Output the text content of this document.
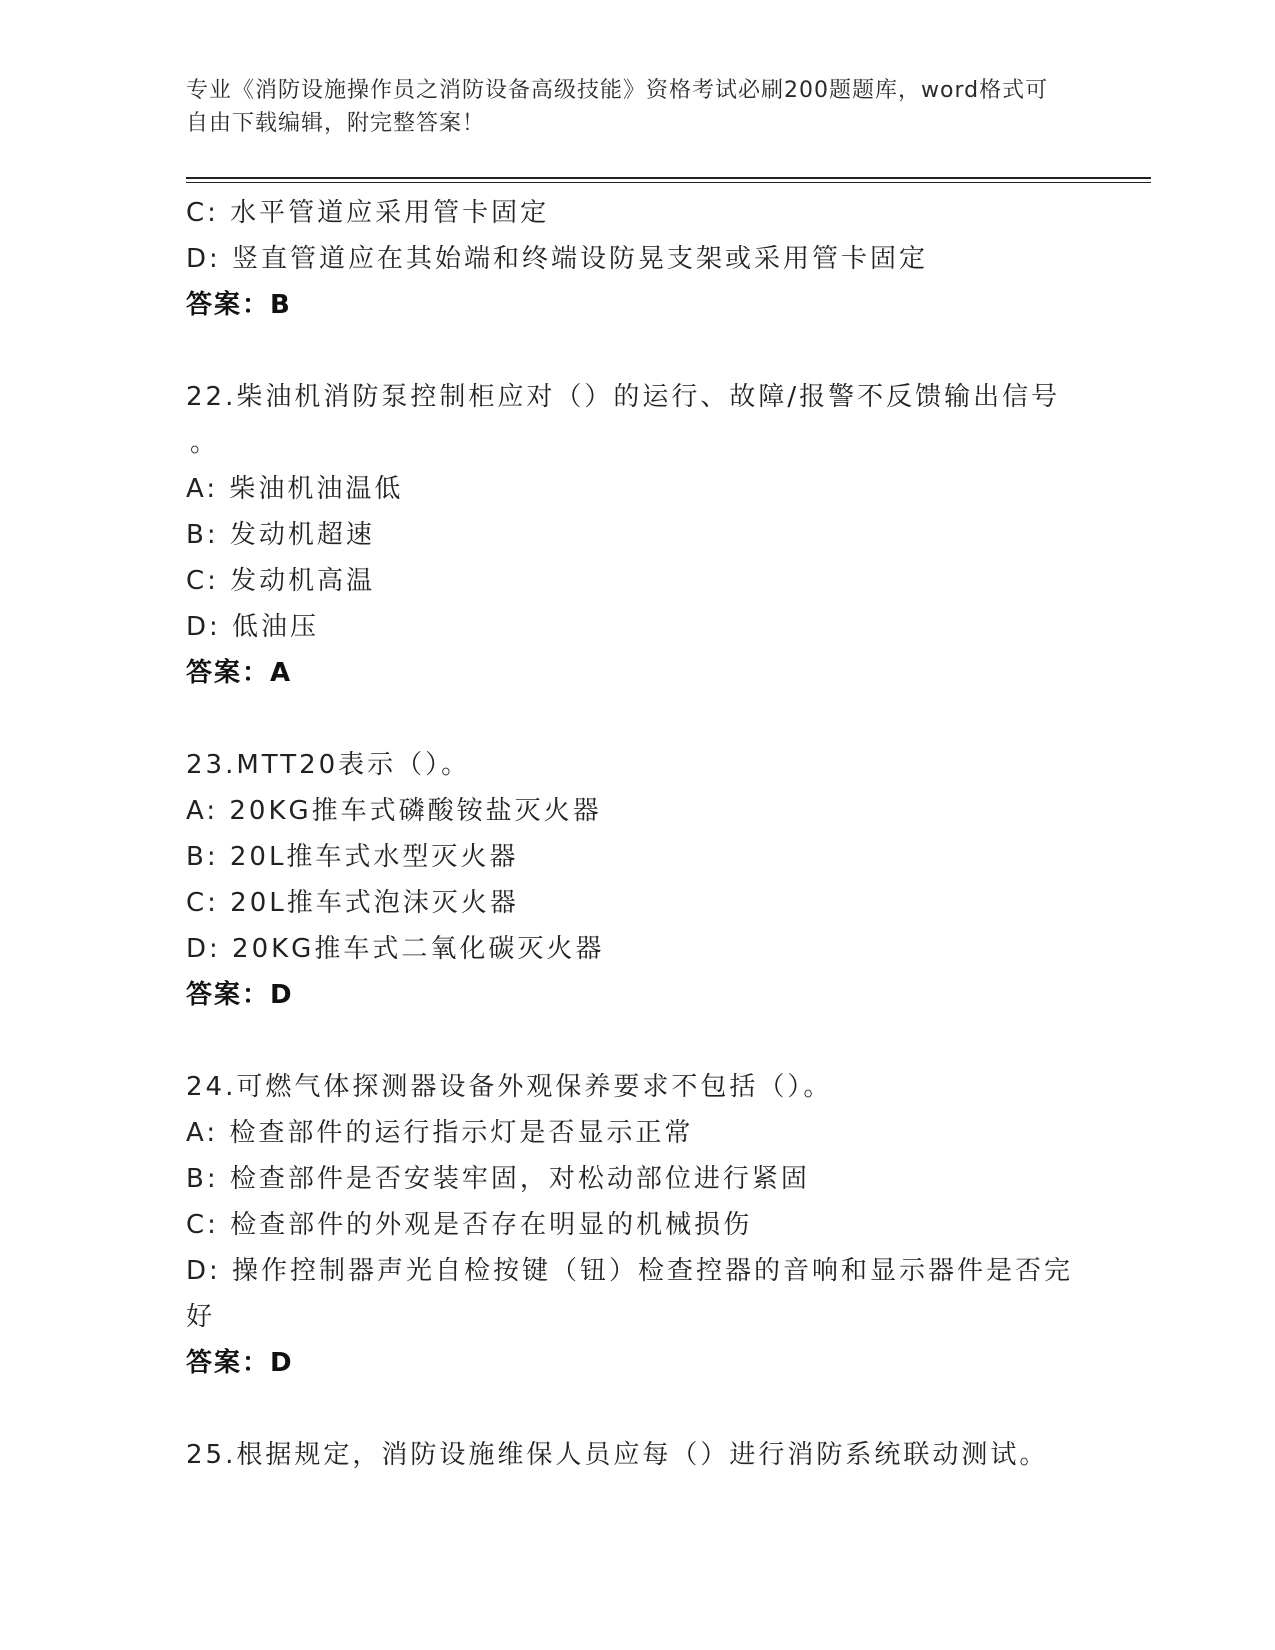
专业《消防设施操作员之消防设备高级技能》资格考试必刷200题题库，word格式可自由下载编辑，附完整答案！
C: 水平管道应采用管卡固定
D: 竖直管道应在其始端和终端设防晃支架或采用管卡固定
答案：B
22.柴油机消防泵控制柜应对（）的运行、故障/报警不反馈输出信号
。
A: 柴油机油温低
B: 发动机超速
C: 发动机高温
D: 低油压
答案：A
23.MTT20表示（）。
A: 20KG推车式磷酸铵盐灭火器
B: 20L推车式水型灭火器
C: 20L推车式泡沫灭火器
D: 20KG推车式二氧化碳灭火器
答案：D
24.可燃气体探测器设备外观保养要求不包括（）。
A: 检查部件的运行指示灯是否显示正常
B: 检查部件是否安装牢固，对松动部位进行紧固
C: 检查部件的外观是否存在明显的机械损伤
D: 操作控制器声光自检按键（钮）检查控器的音响和显示器件是否完
好
答案：D
25.根据规定，消防设施维保人员应每（）进行消防系统联动测试。
